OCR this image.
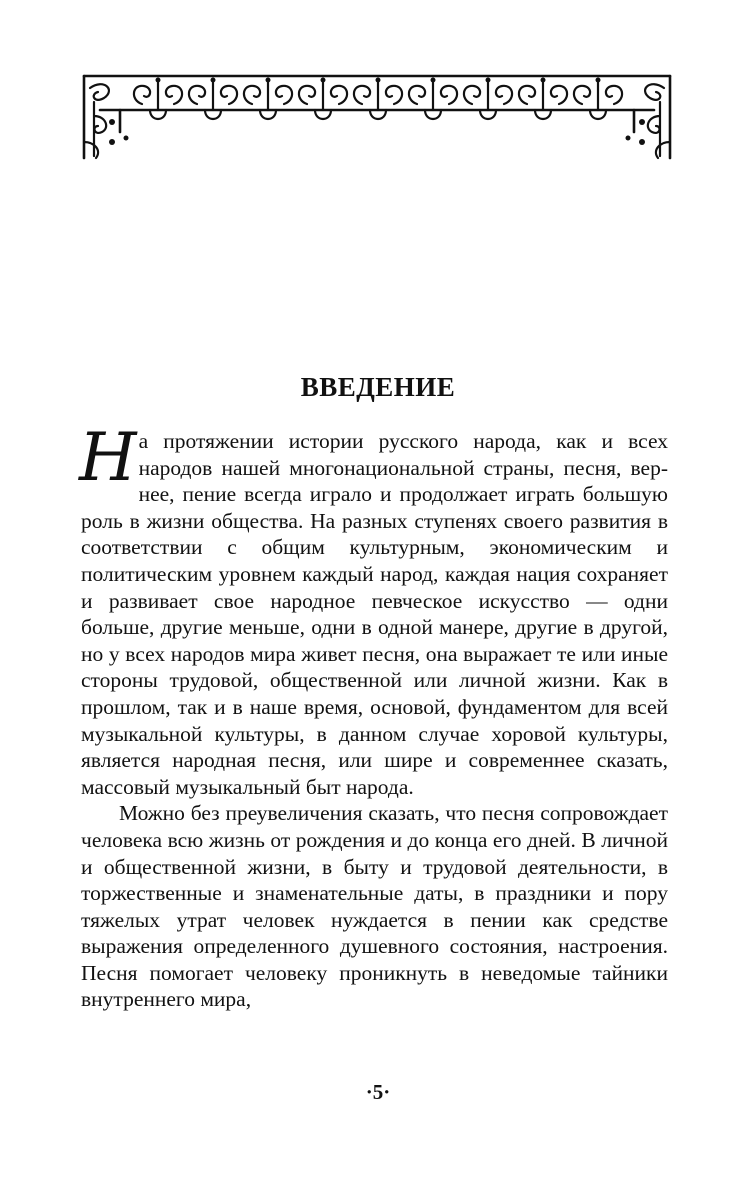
ВВЕДЕНИЕ

На протяжении истории русского народа, как и всех народов нашей многонациональной страны, песня, вернее, пение всегда играло и продолжает играть большую роль в жизни общества. На разных ступенях своего развития в соответствии с общим культурным, экономическим и политическим уровнем каждый народ, каждая нация сохраняет и развивает свое народное певческое искусство — одни больше, другие меньше, одни в одной манере, другие в другой, но у всех народов мира живет песня, она выражает те или иные стороны трудовой, общественной или личной жизни. Как в прошлом, так и в наше время, основой, фундаментом для всей музыкальной культуры, в данном случае хоровой культуры, является народная песня, или шире и современнее сказать, массовый музыкальный быт народа.

Можно без преувеличения сказать, что песня сопровождает человека всю жизнь от рождения и до конца его дней. В личной и общественной жизни, в быту и трудовой деятельности, в торжественные и знаменательные даты, в праздники и пору тяжелых утрат человек нуждается в пении как средстве выражения определенного душевного состояния, настроения. Песня помогает человеку проникнуть в неведомые тайники внутреннего мира,

·5·
